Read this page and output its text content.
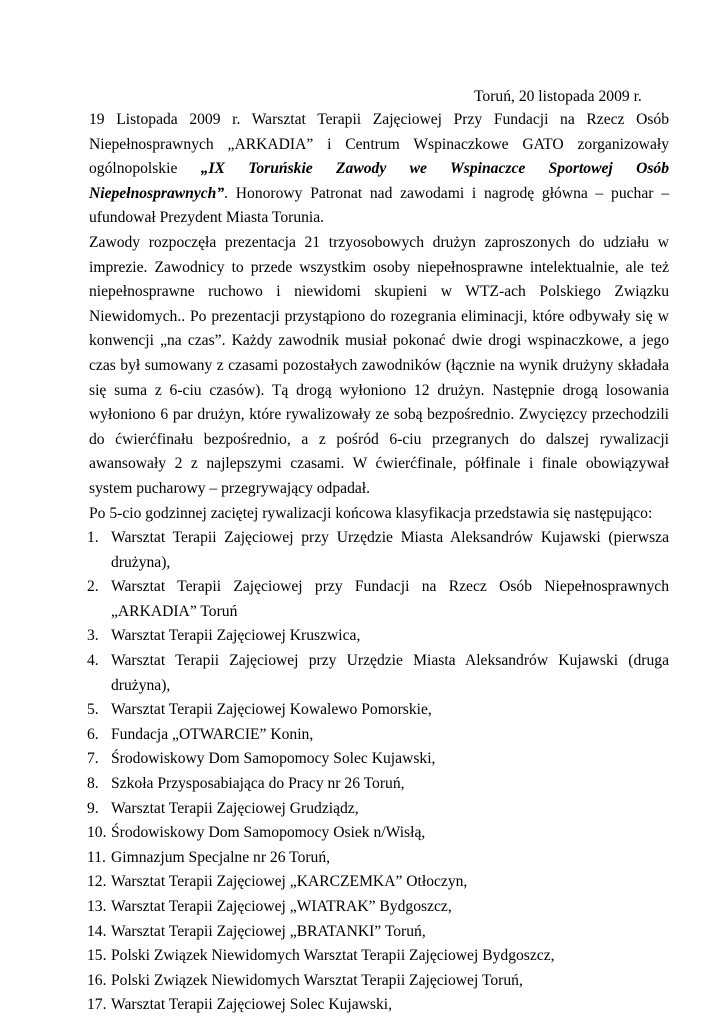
Toruń, 20 listopada 2009 r.

19 Listopada 2009 r. Warsztat Terapii Zajęciowej Przy Fundacji na Rzecz Osób Niepełnosprawnych „ARKADIA” i Centrum Wspinaczkowe GATO zorganizowały ogólnopolskie „IX Toruńskie Zawody we Wspinaczce Sportowej Osób Niepełnosprawnych”. Honorowy Patronat nad zawodami i nagrodę główna – puchar – ufundował Prezydent Miasta Torunia.

Zawody rozpoczęła prezentacja 21 trzyosobowych drużyn zaproszonych do udziału w imprezie. Zawodnicy to przede wszystkim osoby niepełnosprawne intelektualnie, ale też niepełnosprawne ruchowo i niewidomi skupieni w WTZ-ach Polskiego Związku Niewidomych.. Po prezentacji przystąpiono do rozegrania eliminacji, które odbywały się w konwencji „na czas”. Każdy zawodnik musiał pokonać dwie drogi wspinaczkowe, a jego czas był sumowany z czasami pozostałych zawodników (łącznie na wynik drużyny składała się suma z 6-ciu czasów). Tą drogą wyłoniono 12 drużyn. Następnie drogą losowania wyłoniono 6 par drużyn, które rywalizowały ze sobą bezpośrednio. Zwycięzcy przechodzili do ćwierćfinału bezpośrednio, a z pośród 6-ciu przegranych do dalszej rywalizacji awansowały 2 z najlepszymi czasami. W ćwierćfinale, półfinale i finale obowiązywał system pucharowy – przegrywający odpadał.

Po 5-cio godzinnej zaciętej rywalizacji końcowa klasyfikacja przedstawia się następująco:

1. Warsztat Terapii Zajęciowej przy Urzędzie Miasta Aleksandrów Kujawski (pierwsza drużyna),
2. Warsztat Terapii Zajęciowej przy Fundacji na Rzecz Osób Niepełnosprawnych „ARKADIA” Toruń
3. Warsztat Terapii Zajęciowej Kruszwica,
4. Warsztat Terapii Zajęciowej przy Urzędzie Miasta Aleksandrów Kujawski (druga drużyna),
5. Warsztat Terapii Zajęciowej Kowalewo Pomorskie,
6. Fundacja „OTWARCIE” Konin,
7. Środowiskowy Dom Samopomocy Solec Kujawski,
8. Szkoła Przysposabiająca do Pracy nr 26 Toruń,
9. Warsztat Terapii Zajęciowej Grudziądz,
10. Środowiskowy Dom Samopomocy Osiek n/Wisłą,
11. Gimnazjum Specjalne nr 26 Toruń,
12. Warsztat Terapii Zajęciowej „KARCZEMKA” Otłoczyn,
13. Warsztat Terapii Zajęciowej „WIATRAK” Bydgoszcz,
14. Warsztat Terapii Zajęciowej „BRATANKI” Toruń,
15. Polski Związek Niewidomych Warsztat Terapii Zajęciowej Bydgoszcz,
16. Polski Związek Niewidomych Warsztat Terapii Zajęciowej Toruń,
17. Warsztat Terapii Zajęciowej Solec Kujawski,
